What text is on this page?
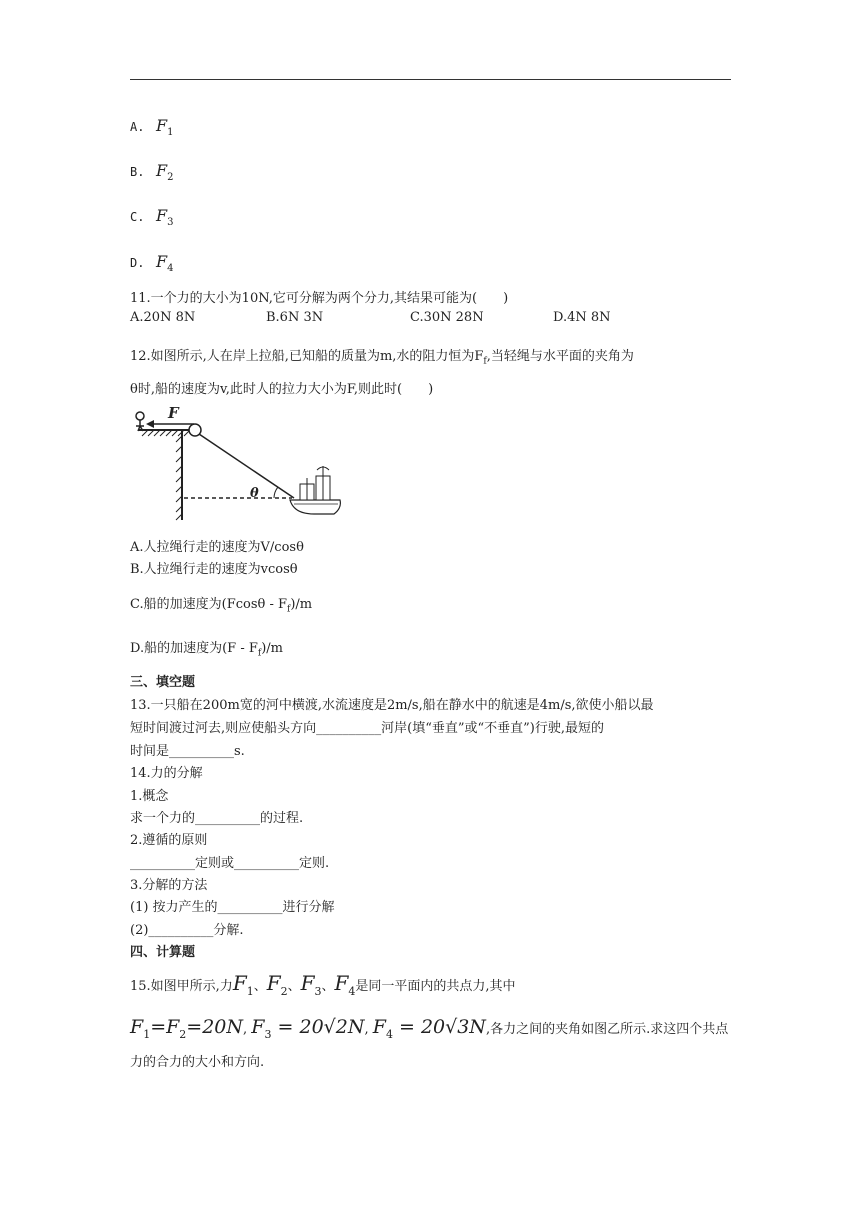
A. $F_1$
B. $F_2$
C. $F_3$
D. $F_4$
11.一个力的大小为10N,它可分解为两个分力,其结果可能为(　　)
A.20N 8N	B.6N 3N	C.30N 28N	D.4N 8N
12.如图所示,人在岸上拉船,已知船的质量为m,水的阻力恒为$F_f$,当轻绳与水平面的夹角为
θ时,船的速度为v,此时人的拉力大小为F,则此时(　　)
F
θ
A.人拉绳行走的速度为V/cosθ
B.人拉绳行走的速度为vcosθ
C.船的加速度为$(Fcos\theta - F_f)/m$
D.船的加速度为$(F - F_f)/m$
三、填空题
13.一只船在200m宽的河中横渡,水流速度是2m/s,船在静水中的航速是4m/s,欲使小船以最
短时间渡过河去,则应使船头方向__________河岸(填“垂直”或“不垂直”)行驶,最短的
时间是__________s.
14.力的分解
1.概念
求一个力的__________的过程.
2.遵循的原则
__________定则或__________定则.
3.分解的方法
(1) 按力产生的__________进行分解
(2)__________分解.
四、计算题
15.如图甲所示,力$F_1$、$F_2$、$F_3$、$F_4$是同一平面内的共点力,其中
$F_1=F_2=20N$, $F_3 = 20√2N$, $F_4 = 20√3N$,各力之间的夹角如图乙所示.求这四个共点
力的合力的大小和方向.
